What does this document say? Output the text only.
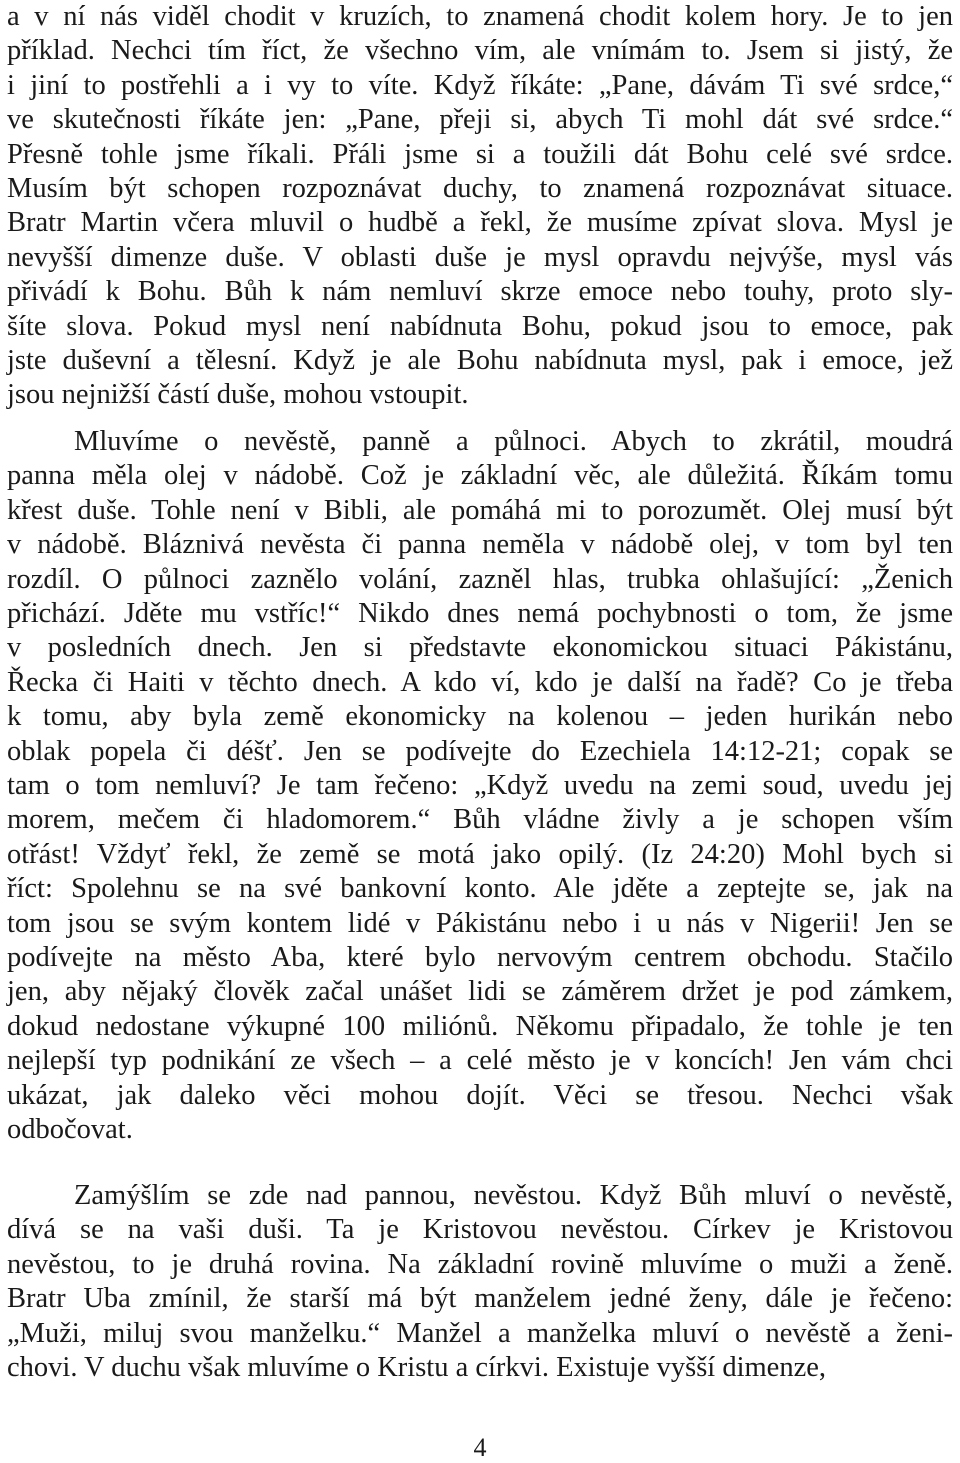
4
a v ní nás viděl chodit v kruzích, to znamená chodit kolem hory. Je to jen
příklad. Nechci tím říct, že všechno vím, ale vnímám to. Jsem si jistý, že
i jiní to postřehli a i vy to víte. Když říkáte: „Pane, dávám Ti své srdce,“
ve skutečnosti říkáte jen: „Pane, přeji si, abych Ti mohl dát své srdce.“
Přesně tohle jsme říkali. Přáli jsme si a toužili dát Bohu celé své srdce.
Musím být schopen rozpoznávat duchy, to znamená rozpoznávat situace.
Bratr Martin včera mluvil o hudbě a řekl, že musíme zpívat slova. Mysl je
nevyšší dimenze duše. V oblasti duše je mysl opravdu nejvýše, mysl vás
přivádí k Bohu. Bůh k nám nemluví skrze emoce nebo touhy, proto sly-
šíte slova. Pokud mysl není nabídnuta Bohu, pokud jsou to emoce, pak
jste duševní a tělesní. Když je ale Bohu nabídnuta mysl, pak i emoce, jež
jsou nejnižší částí duše, mohou vstoupit.
Mluvíme o nevěstě, panně a půlnoci. Abych to zkrátil, moudrá
panna měla olej v nádobě. Což je základní věc, ale důležitá. Říkám tomu
křest duše. Tohle není v Bibli, ale pomáhá mi to porozumět. Olej musí být
v nádobě. Bláznivá nevěsta či panna neměla v nádobě olej, v tom byl ten
rozdíl. O půlnoci zaznělo volání, zazněl hlas, trubka ohlašující: „Ženich
přichází. Jděte mu vstříc!“ Nikdo dnes nemá pochybnosti o tom, že jsme
v posledních dnech. Jen si představte ekonomickou situaci Pákistánu,
Řecka či Haiti v těchto dnech. A kdo ví, kdo je další na řadě? Co je třeba
k tomu, aby byla země ekonomicky na kolenou – jeden hurikán nebo
oblak popela či déšť. Jen se podívejte do Ezechiela 14:12-21; copak se
tam o tom nemluví? Je tam řečeno: „Když uvedu na zemi soud, uvedu jej
morem, mečem či hladomorem.“ Bůh vládne živly a je schopen vším
otřást! Vždyť řekl, že země se motá jako opilý. (Iz 24:20) Mohl bych si
říct: Spolehnu se na své bankovní konto. Ale jděte a zeptejte se, jak na
tom jsou se svým kontem lidé v Pákistánu nebo i u nás v Nigerii! Jen se
podívejte na město Aba, které bylo nervovým centrem obchodu. Stačilo
jen, aby nějaký člověk začal unášet lidi se záměrem držet je pod zámkem,
dokud nedostane výkupné 100 miliónů. Někomu připadalo, že tohle je ten
nejlepší typ podnikání ze všech – a celé město je v koncích! Jen vám chci
ukázat, jak daleko věci mohou dojít. Věci se třesou. Nechci však
odbočovat.
Zamýšlím se zde nad pannou, nevěstou. Když Bůh mluví o nevěstě,
dívá se na vaši duši. Ta je Kristovou nevěstou. Církev je Kristovou
nevěstou, to je druhá rovina. Na základní rovině mluvíme o muži a ženě.
Bratr Uba zmínil, že starší má být manželem jedné ženy, dále je řečeno:
„Muži, miluj svou manželku.“ Manžel a manželka mluví o nevěstě a ženi-
chovi. V duchu však mluvíme o Kristu a církvi. Existuje vyšší dimenze,
